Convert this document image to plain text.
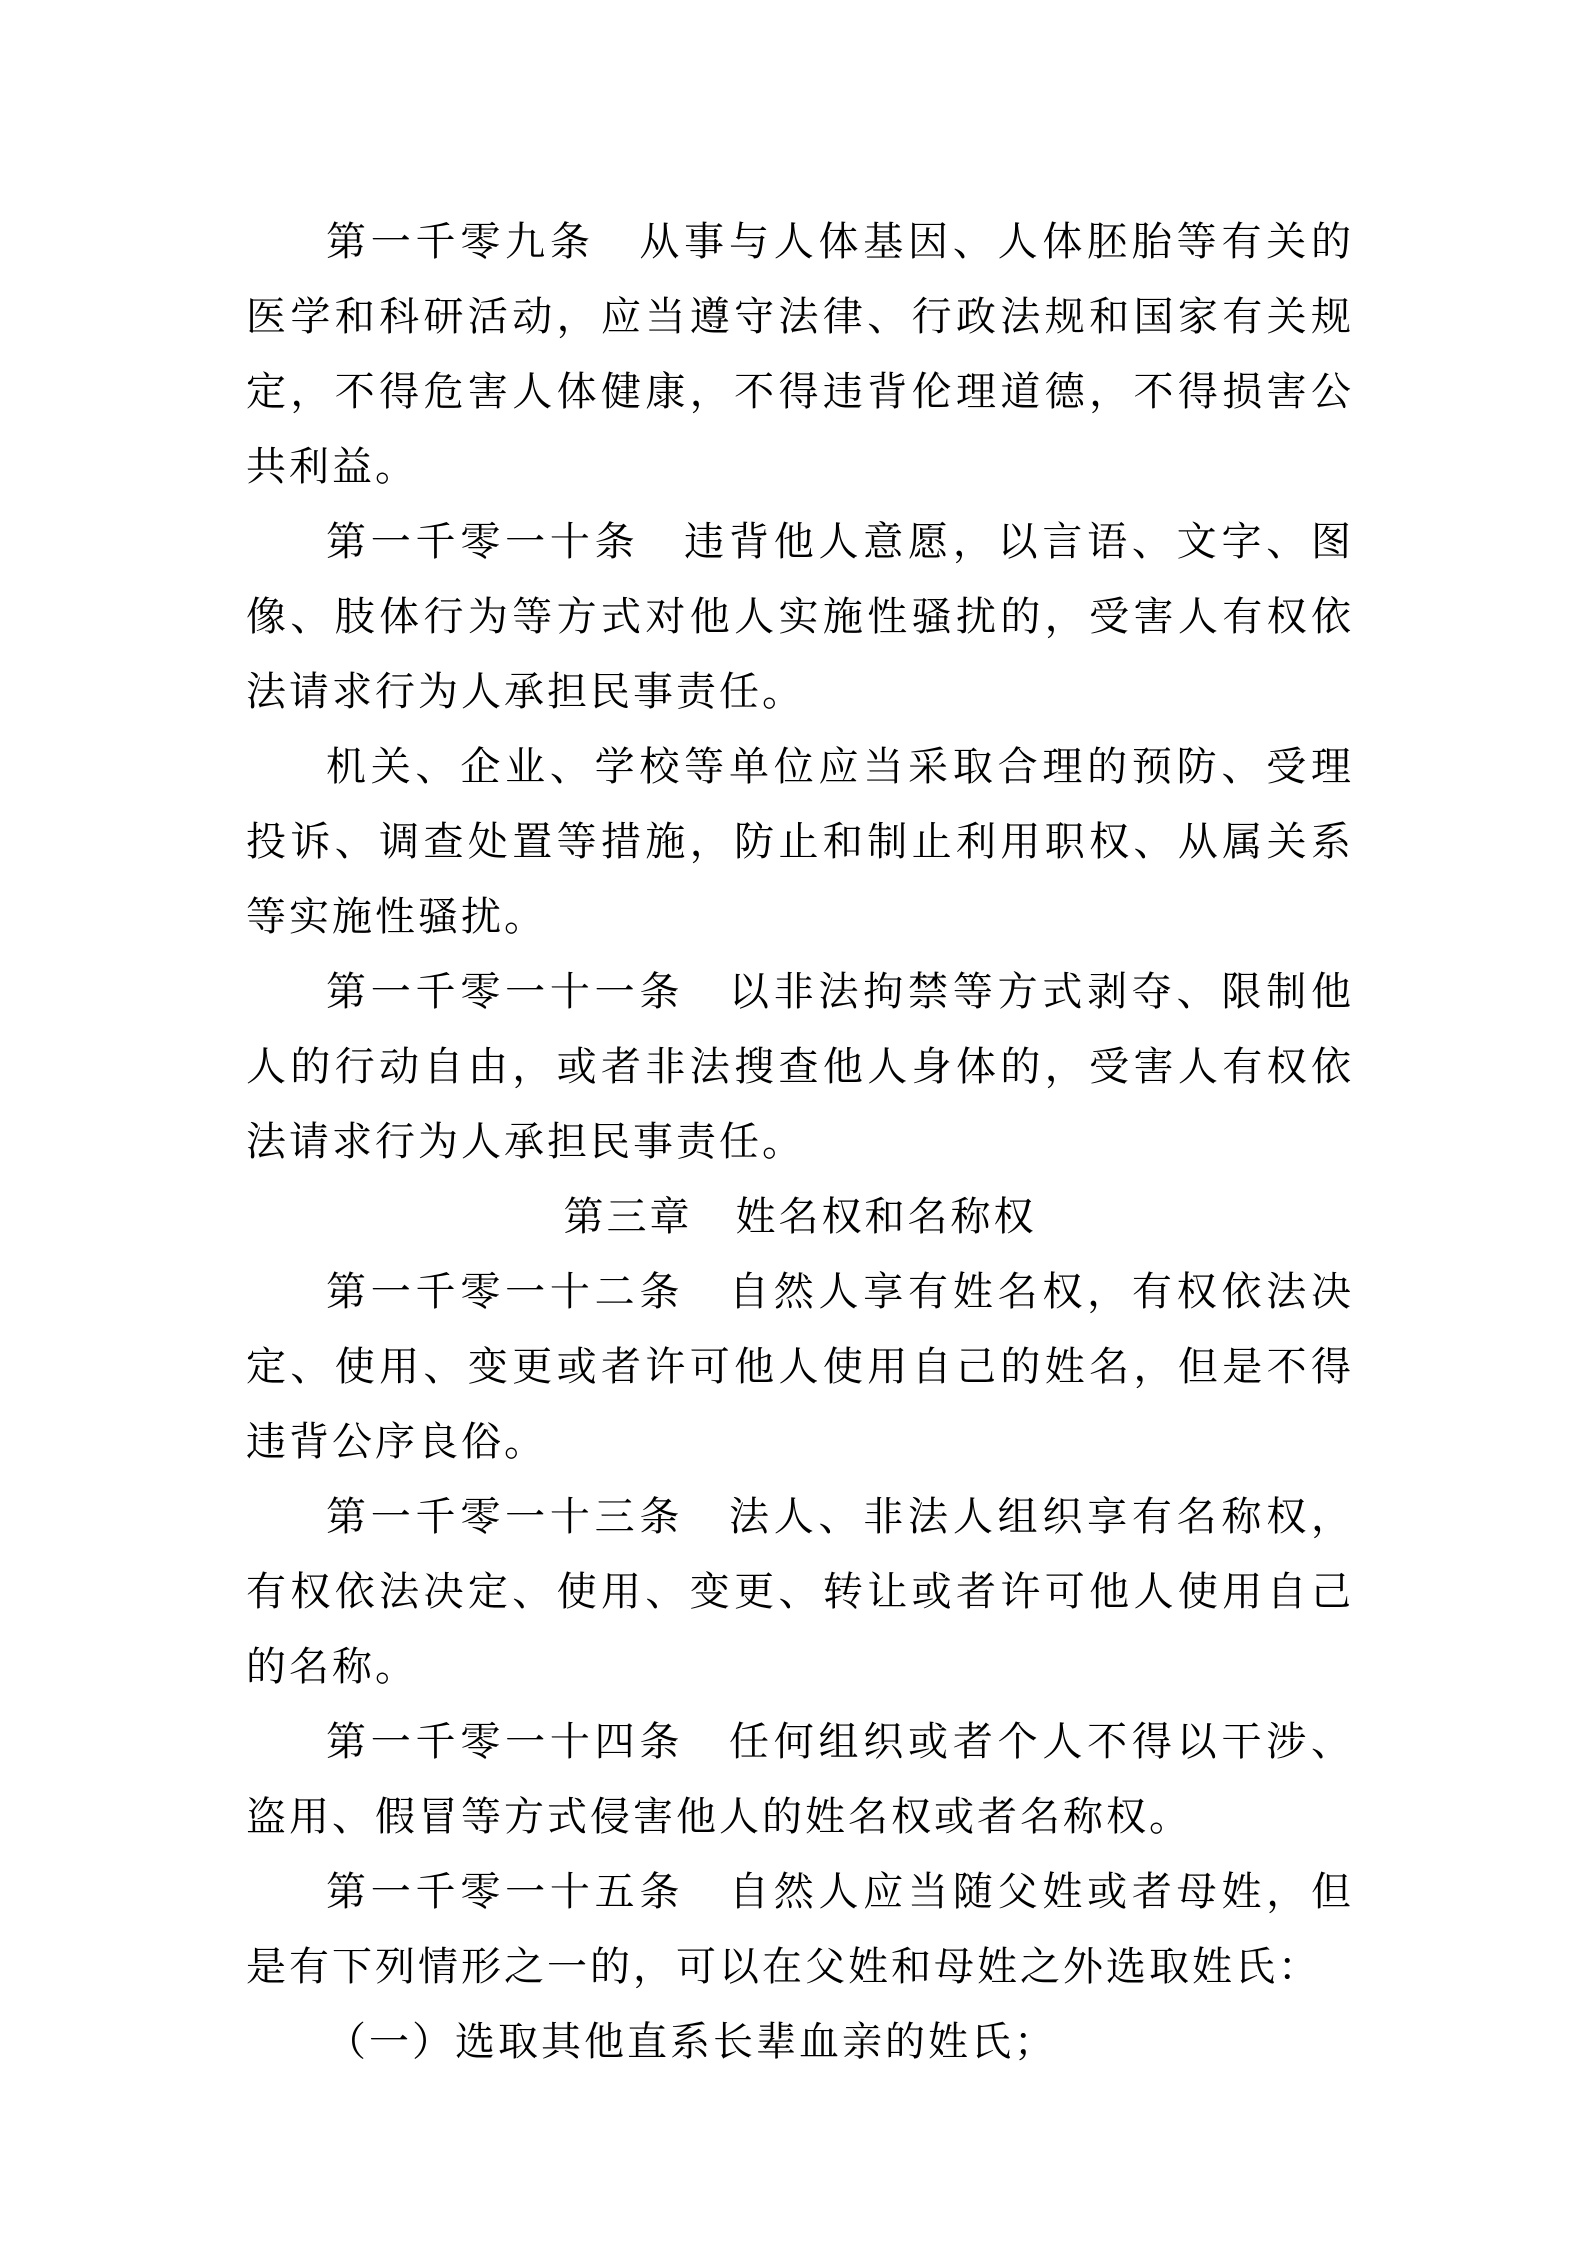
第一千零九条　从事与人体基因、人体胚胎等有关的医学和科研活动，应当遵守法律、行政法规和国家有关规定，不得危害人体健康，不得违背伦理道德，不得损害公共利益。

第一千零一十条　违背他人意愿，以言语、文字、图像、肢体行为等方式对他人实施性骚扰的，受害人有权依法请求行为人承担民事责任。

机关、企业、学校等单位应当采取合理的预防、受理投诉、调查处置等措施，防止和制止利用职权、从属关系等实施性骚扰。

第一千零一十一条　以非法拘禁等方式剥夺、限制他人的行动自由，或者非法搜查他人身体的，受害人有权依法请求行为人承担民事责任。

第三章　姓名权和名称权

第一千零一十二条　自然人享有姓名权，有权依法决定、使用、变更或者许可他人使用自己的姓名，但是不得违背公序良俗。

第一千零一十三条　法人、非法人组织享有名称权，有权依法决定、使用、变更、转让或者许可他人使用自己的名称。

第一千零一十四条　任何组织或者个人不得以干涉、盗用、假冒等方式侵害他人的姓名权或者名称权。

第一千零一十五条　自然人应当随父姓或者母姓，但是有下列情形之一的，可以在父姓和母姓之外选取姓氏：

（一）选取其他直系长辈血亲的姓氏；
